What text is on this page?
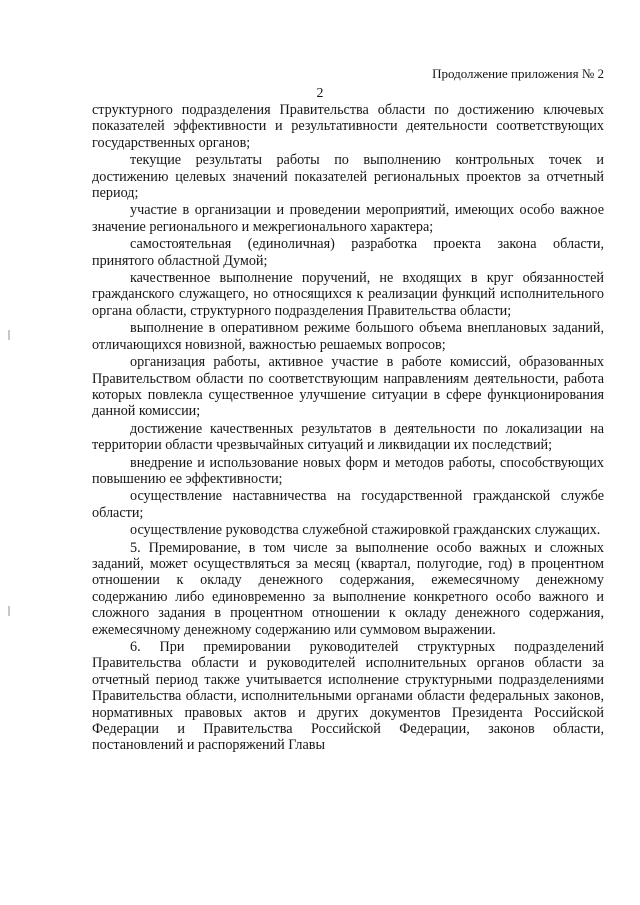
Продолжение приложения № 2
2

структурного подразделения Правительства области по достижению ключевых показателей эффективности и результативности деятельности соответствующих государственных органов;

текущие результаты работы по выполнению контрольных точек и достижению целевых значений показателей региональных проектов за отчетный период;

участие в организации и проведении мероприятий, имеющих особо важное значение регионального и межрегионального характера;

самостоятельная (единоличная) разработка проекта закона области, принятого областной Думой;

качественное выполнение поручений, не входящих в круг обязанностей гражданского служащего, но относящихся к реализации функций исполнительного органа области, структурного подразделения Правительства области;

выполнение в оперативном режиме большого объема внеплановых заданий, отличающихся новизной, важностью решаемых вопросов;

организация работы, активное участие в работе комиссий, образованных Правительством области по соответствующим направлениям деятельности, работа которых повлекла существенное улучшение ситуации в сфере функционирования данной комиссии;

достижение качественных результатов в деятельности по локализации на территории области чрезвычайных ситуаций и ликвидации их последствий;

внедрение и использование новых форм и методов работы, способствующих повышению ее эффективности;

осуществление наставничества на государственной гражданской службе области;

осуществление руководства служебной стажировкой гражданских служащих.

5. Премирование, в том числе за выполнение особо важных и сложных заданий, может осуществляться за месяц (квартал, полугодие, год) в процентном отношении к окладу денежного содержания, ежемесячному денежному содержанию либо единовременно за выполнение конкретного особо важного и сложного задания в процентном отношении к окладу денежного содержания, ежемесячному денежному содержанию или суммовом выражении.

6. При премировании руководителей структурных подразделений Правительства области и руководителей исполнительных органов области за отчетный период также учитывается исполнение структурными подразделениями Правительства области, исполнительными органами области федеральных законов, нормативных правовых актов и других документов Президента Российской Федерации и Правительства Российской Федерации, законов области, постановлений и распоряжений Главы
